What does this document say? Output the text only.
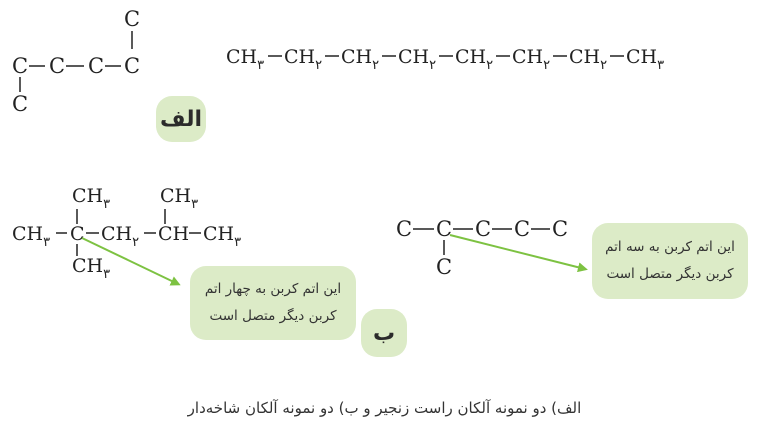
C
C C C C
C
$CH_۳$ $CH_۲$ $CH_۲$ $CH_۲$ $CH_۲$ $CH_۲$ $CH_۲$ $CH_۳$
$CH_۳$	$CH_۳$
$CH_۳$ C $CH_۲$ CH $CH_۳$
$CH_۳$
C C C C C
C
الف
این اتم کربن به چهار اتم
کربن دیگر متصل است
این اتم کربن به سه اتم
کربن دیگر متصل است
ب
الف) دو نمونه آلکان راست زنجیر و ب) دو نمونه آلکان شاخه‌دار
